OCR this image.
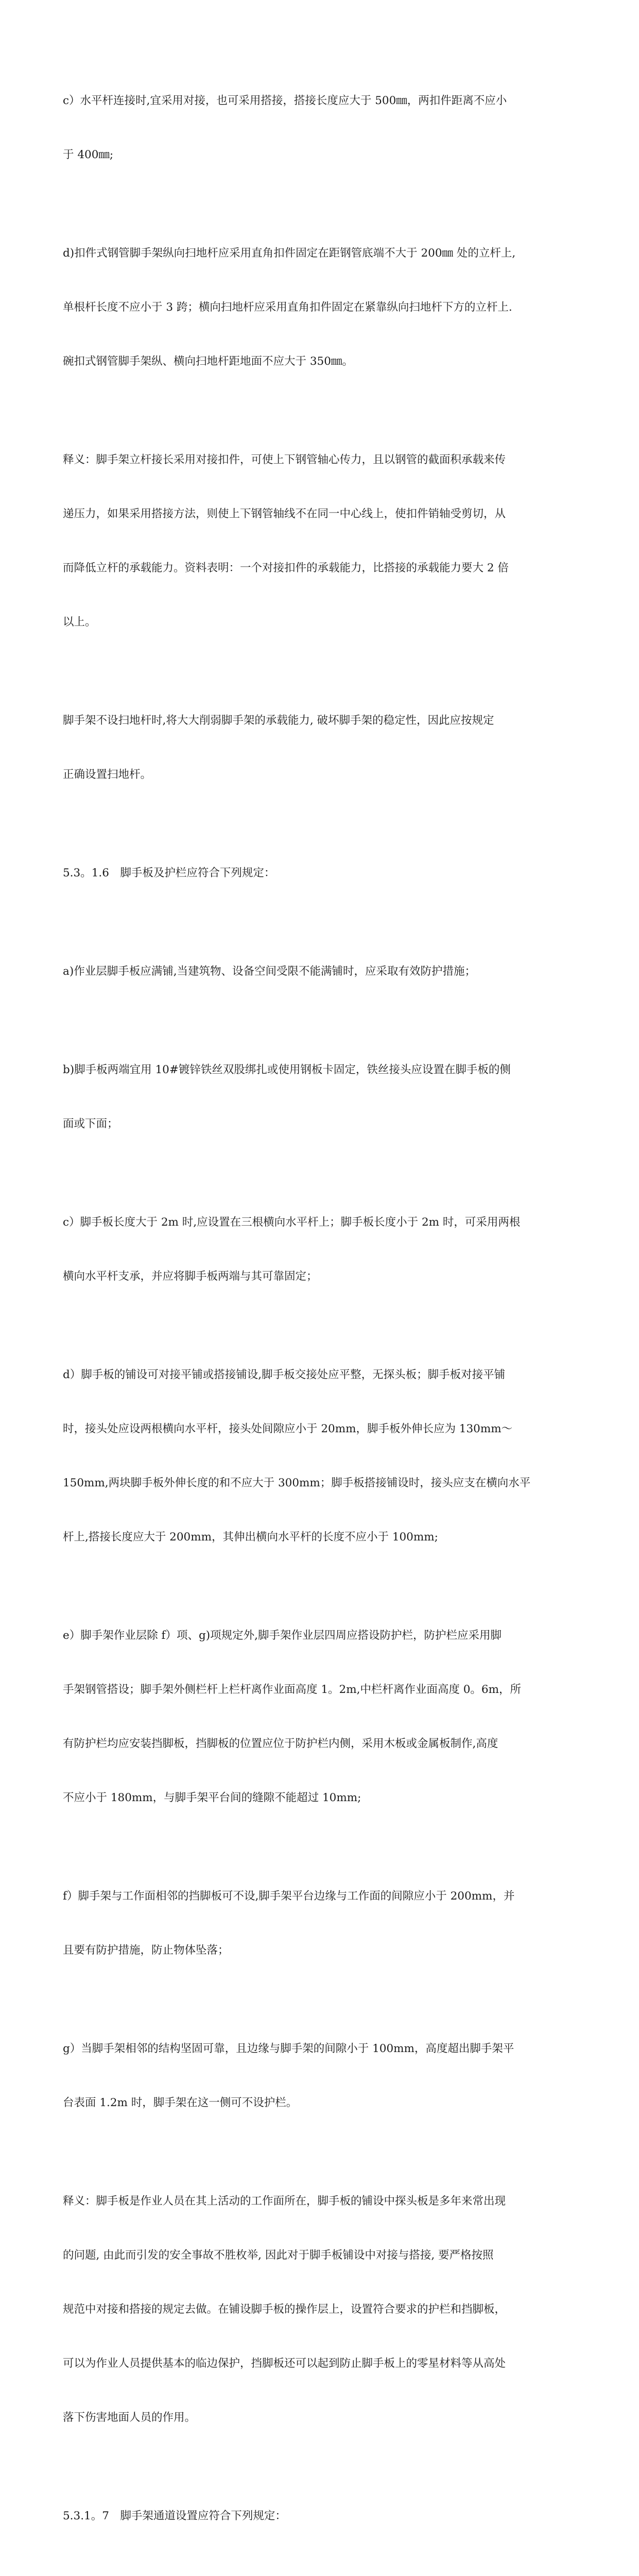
c）水平杆连接时,宜采用对接，也可采用搭接，搭接长度应大于 500㎜，两扣件距离不应小

于 400㎜;

d)扣件式钢管脚手架纵向扫地杆应采用直角扣件固定在距钢管底端不大于 200㎜ 处的立杆上,

单根杆长度不应小于 3 跨；横向扫地杆应采用直角扣件固定在紧靠纵向扫地杆下方的立杆上.

碗扣式钢管脚手架纵、横向扫地杆距地面不应大于 350㎜。

释义：脚手架立杆接长采用对接扣件，可使上下钢管轴心传力，且以钢管的截面积承载来传

递压力，如果采用搭接方法，则使上下钢管轴线不在同一中心线上，使扣件销轴受剪切，从

而降低立杆的承载能力。资料表明：一个对接扣件的承载能力，比搭接的承载能力要大 2 倍

以上。

脚手架不设扫地杆时,将大大削弱脚手架的承载能力, 破坏脚手架的稳定性，因此应按规定

正确设置扫地杆。

5.3。1.6　脚手板及护栏应符合下列规定：

a)作业层脚手板应满铺,当建筑物、设备空间受限不能满铺时，应采取有效防护措施；

b)脚手板两端宜用 10#镀锌铁丝双股绑扎或使用钢板卡固定，铁丝接头应设置在脚手板的侧

面或下面；

c）脚手板长度大于 2m 时,应设置在三根横向水平杆上；脚手板长度小于 2m 时，可采用两根

横向水平杆支承，并应将脚手板两端与其可靠固定；

d）脚手板的铺设可对接平铺或搭接铺设,脚手板交接处应平整，无探头板；脚手板对接平铺

时，接头处应设两根横向水平杆，接头处间隙应小于 20mm，脚手板外伸长应为 130mm～

150mm,两块脚手板外伸长度的和不应大于 300mm；脚手板搭接铺设时，接头应支在横向水平

杆上,搭接长度应大于 200mm，其伸出横向水平杆的长度不应小于 100mm;

e）脚手架作业层除 f）项、g)项规定外,脚手架作业层四周应搭设防护栏，防护栏应采用脚

手架钢管搭设；脚手架外侧栏杆上栏杆离作业面高度 1。2m,中栏杆离作业面高度 0。6m，所

有防护栏均应安装挡脚板，挡脚板的位置应位于防护栏内侧，采用木板或金属板制作,高度

不应小于 180mm，与脚手架平台间的缝隙不能超过 10mm;

f）脚手架与工作面相邻的挡脚板可不设,脚手架平台边缘与工作面的间隙应小于 200mm，并

且要有防护措施，防止物体坠落；

g）当脚手架相邻的结构坚固可靠，且边缘与脚手架的间隙小于 100mm，高度超出脚手架平

台表面 1.2m 时，脚手架在这一侧可不设护栏。

释义：脚手板是作业人员在其上活动的工作面所在，脚手板的铺设中探头板是多年来常出现

的问题, 由此而引发的安全事故不胜枚举, 因此对于脚手板铺设中对接与搭接, 要严格按照

规范中对接和搭接的规定去做。在铺设脚手板的操作层上，设置符合要求的护栏和挡脚板，

可以为作业人员提供基本的临边保护，挡脚板还可以起到防止脚手板上的零星材料等从高处

落下伤害地面人员的作用。

5.3.1。7　脚手架通道设置应符合下列规定：
